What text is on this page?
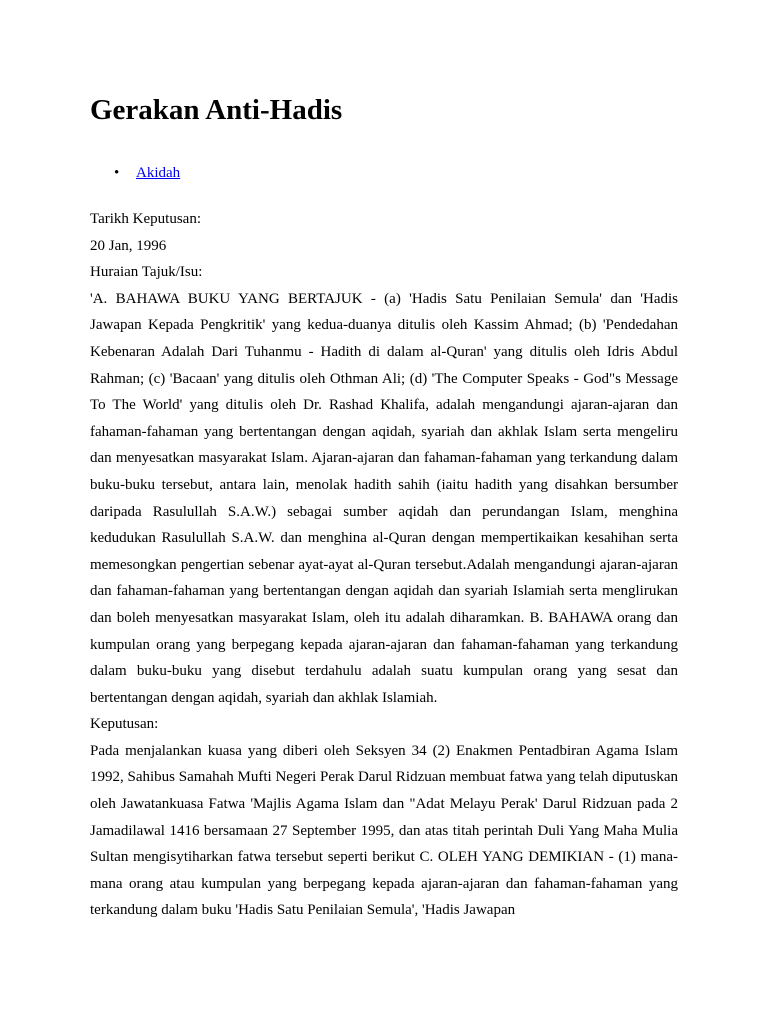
Gerakan Anti-Hadis
• Akidah

Tarikh Keputusan:

20 Jan, 1996

Huraian Tajuk/Isu:

'A. BAHAWA BUKU YANG BERTAJUK - (a) 'Hadis Satu Penilaian Semula' dan 'Hadis Jawapan Kepada Pengkritik' yang kedua-duanya ditulis oleh Kassim Ahmad; (b) 'Pendedahan Kebenaran Adalah Dari Tuhanmu - Hadith di dalam al-Quran' yang ditulis oleh Idris Abdul Rahman; (c) 'Bacaan' yang ditulis oleh Othman Ali; (d) 'The Computer Speaks - God"s Message To The World' yang ditulis oleh Dr. Rashad Khalifa, adalah mengandungi ajaran-ajaran dan fahaman-fahaman yang bertentangan dengan aqidah, syariah dan akhlak Islam serta mengeliru dan menyesatkan masyarakat Islam. Ajaran-ajaran dan fahaman-fahaman yang terkandung dalam buku-buku tersebut, antara lain, menolak hadith sahih (iaitu hadith yang disahkan bersumber daripada Rasulullah S.A.W.) sebagai sumber aqidah dan perundangan Islam, menghina kedudukan Rasulullah S.A.W. dan menghina al-Quran dengan mempertikaikan kesahihan serta memesongkan pengertian sebenar ayat-ayat al-Quran tersebut.Adalah mengandungi ajaran-ajaran dan fahaman-fahaman yang bertentangan dengan aqidah dan syariah Islamiah serta menglirukan dan boleh menyesatkan masyarakat Islam, oleh itu adalah diharamkan. B. BAHAWA orang dan kumpulan orang yang berpegang kepada ajaran-ajaran dan fahaman-fahaman yang terkandung dalam buku-buku yang disebut terdahulu adalah suatu kumpulan orang yang sesat dan bertentangan dengan aqidah, syariah dan akhlak Islamiah.

Keputusan:

Pada menjalankan kuasa yang diberi oleh Seksyen 34 (2) Enakmen Pentadbiran Agama Islam 1992, Sahibus Samahah Mufti Negeri Perak Darul Ridzuan membuat fatwa yang telah diputuskan oleh Jawatankuasa Fatwa 'Majlis Agama Islam dan "Adat Melayu Perak' Darul Ridzuan pada 2 Jamadilawal 1416 bersamaan 27 September 1995, dan atas titah perintah Duli Yang Maha Mulia Sultan mengisytiharkan fatwa tersebut seperti berikut C. OLEH YANG DEMIKIAN - (1) mana-mana orang atau kumpulan yang berpegang kepada ajaran-ajaran dan fahaman-fahaman yang terkandung dalam buku 'Hadis Satu Penilaian Semula', 'Hadis Jawapan
